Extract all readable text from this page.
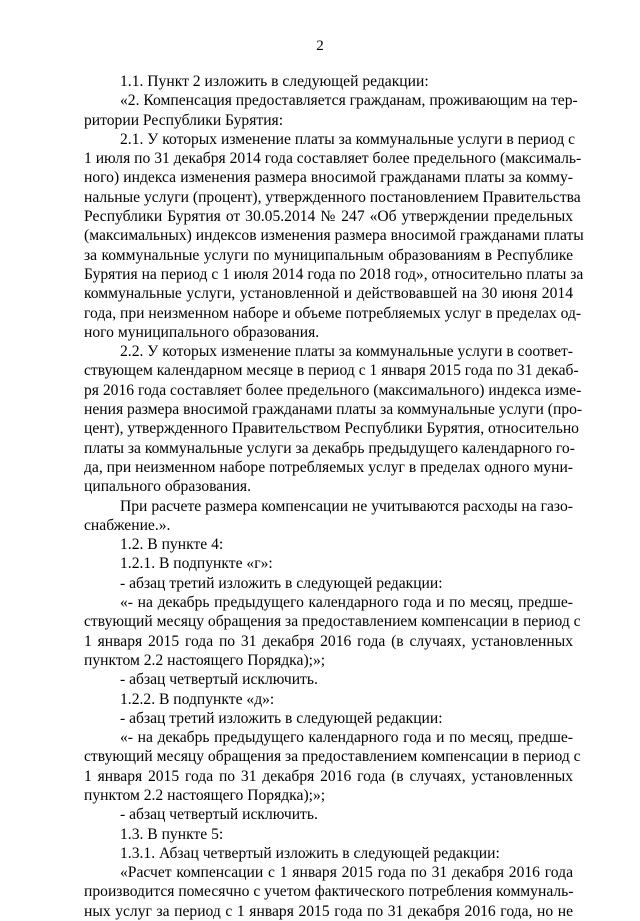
2
1.1. Пункт 2 изложить в следующей редакции:
«2. Компенсация предоставляется гражданам, проживающим на тер-
ритории Республики Бурятия:
2.1. У которых изменение платы за коммунальные услуги в период с
1 июля по 31 декабря 2014 года составляет более предельного (максималь-
ного) индекса изменения размера вносимой гражданами платы за комму-
нальные услуги (процент), утвержденного постановлением Правительства
Республики Бурятия от 30.05.2014 № 247 «Об утверждении предельных
(максимальных) индексов изменения размера вносимой гражданами платы
за коммунальные услуги по муниципальным образованиям в Республике
Бурятия на период с 1 июля 2014 года по 2018 год», относительно платы за
коммунальные услуги, установленной и действовавшей на 30 июня 2014
года, при неизменном наборе и объеме потребляемых услуг в пределах од-
ного муниципального образования.
2.2. У которых изменение платы за коммунальные услуги в соответ-
ствующем календарном месяце в период с 1 января 2015 года по 31 декаб-
ря 2016 года составляет более предельного (максимального) индекса изме-
нения размера вносимой гражданами платы за коммунальные услуги (про-
цент), утвержденного Правительством Республики Бурятия, относительно
платы за коммунальные услуги за декабрь предыдущего календарного го-
да, при неизменном наборе потребляемых услуг в пределах одного муни-
ципального образования.
При расчете размера компенсации не учитываются расходы на газо-
снабжение.».
1.2. В пункте 4:
1.2.1. В подпункте «г»:
- абзац третий изложить в следующей редакции:
«- на декабрь предыдущего календарного года и по месяц, предше-
ствующий месяцу обращения за предоставлением компенсации в период с
1 января 2015 года по 31 декабря 2016 года (в случаях, установленных
пунктом 2.2 настоящего Порядка);»;
- абзац четвертый исключить.
1.2.2. В подпункте «д»:
- абзац третий изложить в следующей редакции:
«- на декабрь предыдущего календарного года и по месяц, предше-
ствующий месяцу обращения за предоставлением компенсации в период с
1 января 2015 года по 31 декабря 2016 года (в случаях, установленных
пунктом 2.2 настоящего Порядка);»;
- абзац четвертый исключить.
1.3. В пункте 5:
1.3.1. Абзац четвертый изложить в следующей редакции:
«Расчет компенсации с 1 января 2015 года по 31 декабря 2016 года
производится помесячно с учетом фактического потребления коммуналь-
ных услуг за период с 1 января 2015 года по 31 декабря 2016 года, но не
